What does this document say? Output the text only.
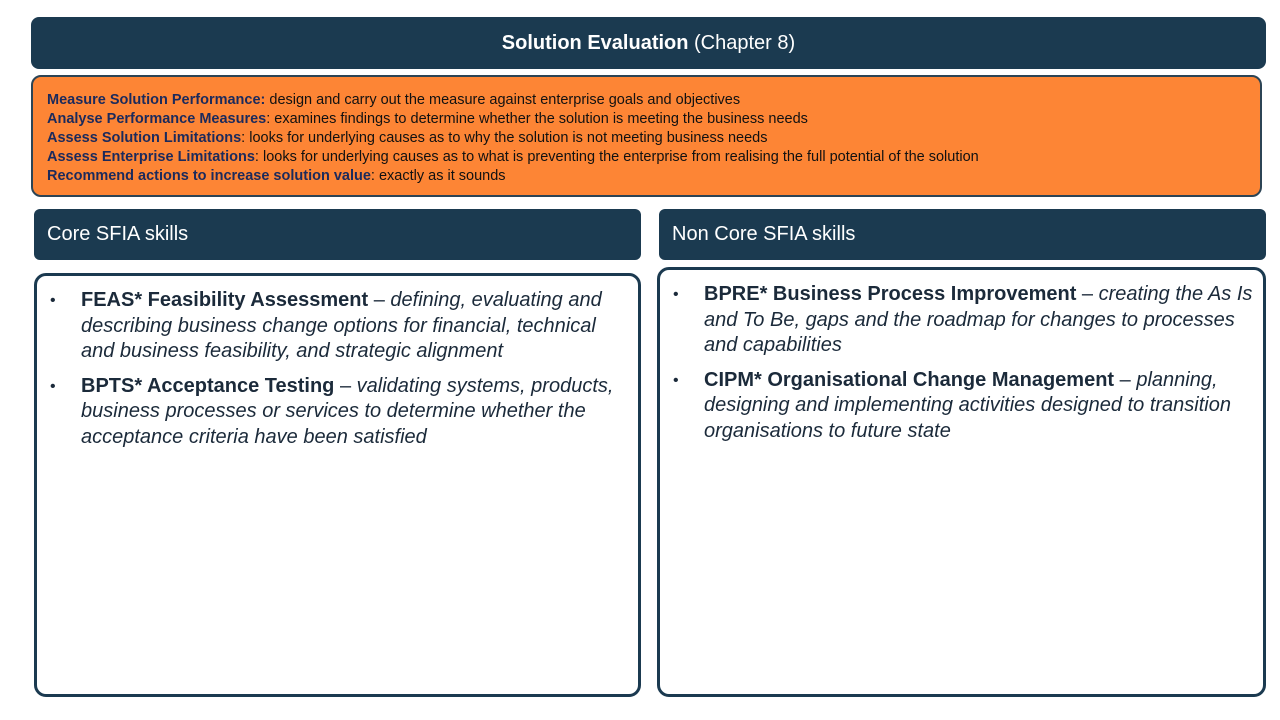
Solution Evaluation (Chapter 8)
Measure Solution Performance: design and carry out the measure against enterprise goals and objectives
Analyse Performance Measures: examines findings to determine whether the solution is meeting the business needs
Assess Solution Limitations: looks for underlying causes as to why the solution is not meeting business needs
Assess Enterprise Limitations: looks for underlying causes as to what is preventing the enterprise from realising the full potential of the solution
Recommend actions to increase solution value: exactly as it sounds
Core SFIA skills	Non Core SFIA skills
• FEAS* Feasibility Assessment – defining, evaluating and describing business change options for financial, technical and business feasibility, and strategic alignment
• BPTS* Acceptance Testing – validating systems, products, business processes or services to determine whether the acceptance criteria have been satisfied
• BPRE* Business Process Improvement – creating the As Is and To Be, gaps and the roadmap for changes to processes and capabilities
• CIPM* Organisational Change Management – planning, designing and implementing activities designed to transition organisations to future state
